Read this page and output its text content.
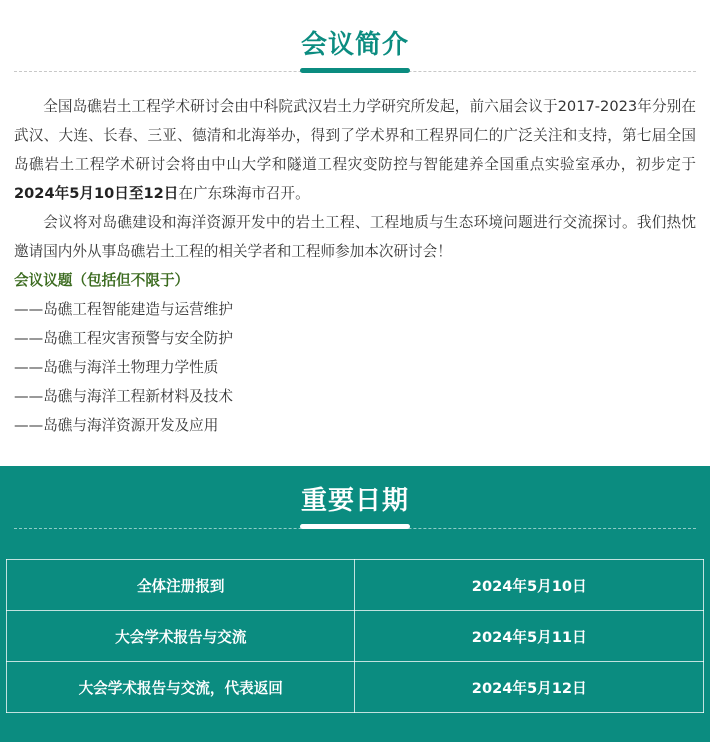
会议简介

全国岛礁岩土工程学术研讨会由中科院武汉岩土力学研究所发起，前六届会议于2017-2023年分别在武汉、大连、长春、三亚、德清和北海举办，得到了学术界和工程界同仁的广泛关注和支持，第七届全国岛礁岩土工程学术研讨会将由中山大学和隧道工程灾变防控与智能建养全国重点实验室承办，初步定于2024年5月10日至12日在广东珠海市召开。

会议将对岛礁建设和海洋资源开发中的岩土工程、工程地质与生态环境问题进行交流探讨。我们热忱邀请国内外从事岛礁岩土工程的相关学者和工程师参加本次研讨会！

会议议题（包括但不限于）

——岛礁工程智能建造与运营维护

——岛礁工程灾害预警与安全防护

——岛礁与海洋土物理力学性质

——岛礁与海洋工程新材料及技术

——岛礁与海洋资源开发及应用

重要日期
全体注册报到	2024年5月10日
大会学术报告与交流	2024年5月11日
大会学术报告与交流，代表返回	2024年5月12日
